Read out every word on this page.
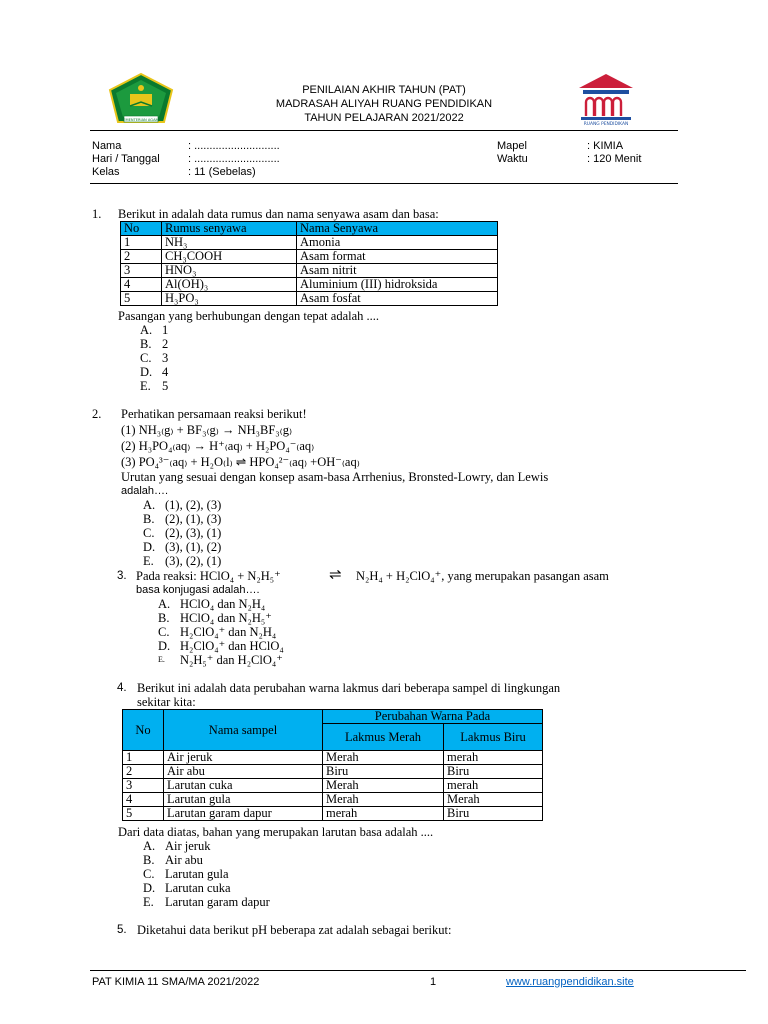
KEMENTERIAN AGAMA
PENILAIAN AKHIR TAHUN (PAT)
MADRASAH ALIYAH RUANG PENDIDIKAN
TAHUN PELAJARAN 2021/2022
RUANG PENDIDIKAN
Nama	: ............................
Hari / Tanggal	: ............................
Kelas	: 11 (Sebelas)
Mapel	: KIMIA
Waktu	: 120 Menit
1. Berikut in adalah data rumus dan nama senyawa asam dan basa:
No	Rumus senyawa	Nama Senyawa
1	NH₃	Amonia
2	CH₃COOH	Asam format
3	HNO₃	Asam nitrit
4	Al(OH)₃	Aluminium (III) hidroksida
5	H₃PO₃	Asam fosfat
Pasangan yang berhubungan dengan tepat adalah ....
A. 1
B. 2
C. 3
D. 4
E. 5
2. Perhatikan persamaan reaksi berikut!
(1) NH₃₍g₎ + BF₃₍g₎ → NH₃BF₃₍g₎
(2) H₃PO₄₍aq₎ → H⁺₍aq₎ + H₂PO₄⁻₍aq₎
(3) PO₄³⁻₍aq₎ + H₂O₍l₎ ⇌ HPO₄²⁻₍aq₎ +OH⁻₍aq₎
Urutan yang sesuai dengan konsep asam-basa Arrhenius, Bronsted-Lowry, dan Lewis
adalah….
A. (1), (2), (3)
B. (2), (1), (3)
C. (2), (3), (1)
D. (3), (1), (2)
E. (3), (2), (1)
3. Pada reaksi: HClO₄ + N₂H₅⁺	⇌ N₂H₄ + H₂ClO₄⁺, yang merupakan pasangan asam
basa konjugasi adalah….
A. HClO₄ dan N₂H₄
B. HClO₄ dan N₂H₅⁺
C. H₂ClO₄⁺ dan N₂H₄
D. H₂ClO₄⁺ dan HClO₄
E. N₂H₅⁺ dan H₂ClO₄⁺
4. Berikut ini adalah data perubahan warna lakmus dari beberapa sampel di lingkungan
sekitar kita:
No	Nama sampel	Perubahan Warna Pada	
		Lakmus Merah	Lakmus Biru
1	Air jeruk	Merah	merah
2	Air abu	Biru	Biru
3	Larutan cuka	Merah	merah
4	Larutan gula	Merah	Merah
5	Larutan garam dapur	merah	Biru
Dari data diatas, bahan yang merupakan larutan basa adalah ....
A. Air jeruk
B. Air abu
C. Larutan gula
D. Larutan cuka
E. Larutan garam dapur
5. Diketahui data berikut pH beberapa zat adalah sebagai berikut:
PAT KIMIA 11 SMA/MA 2021/2022	1	www.ruangpendidikan.site
